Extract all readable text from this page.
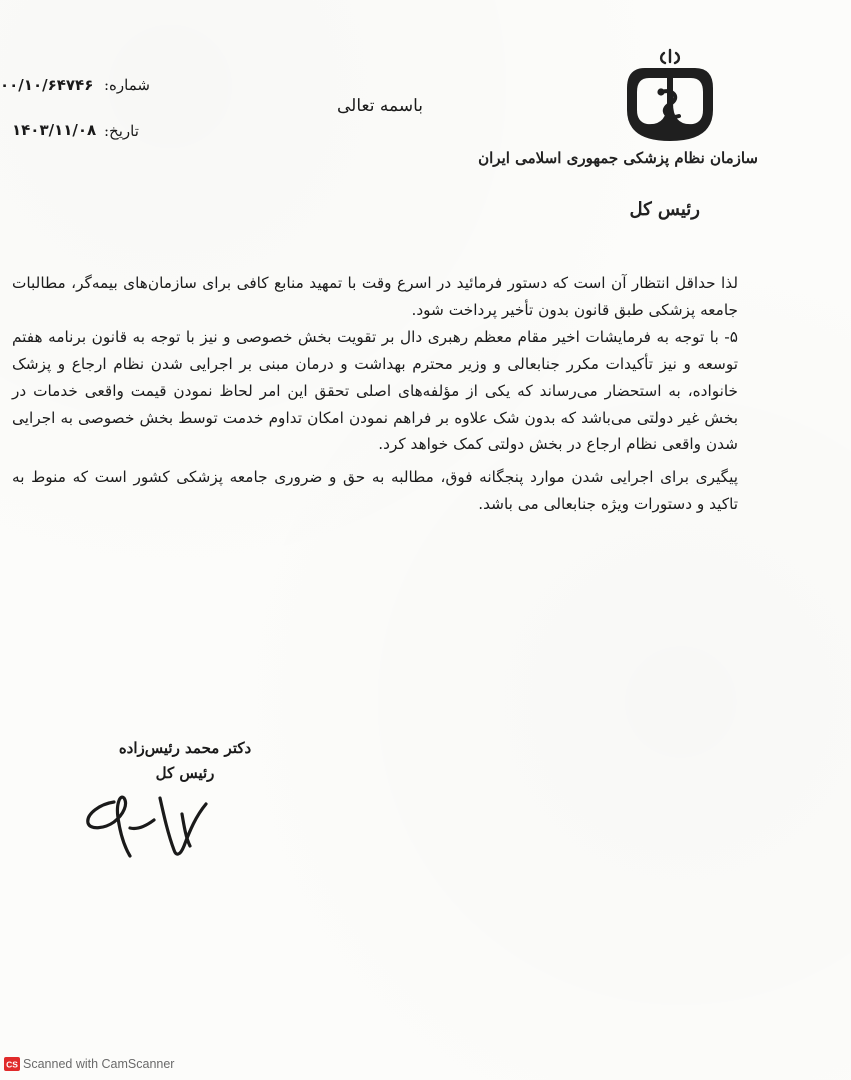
سازمان نظام پزشکی جمهوری اسلامی ایران
رئیس کل
باسمه تعالی
۰۰/۱۰/۶۴۷۴۶ شماره:
۱۴۰۳/۱۱/۰۸ تاریخ:

لذا حداقل انتظار آن است که دستور فرمائید در اسرع وقت با تمهید منابع کافی برای سازمان‌های بیمه‌گر، مطالبات جامعه پزشکی طبق قانون بدون تأخیر پرداخت شود.

۵- با توجه به فرمایشات اخیر مقام معظم رهبری دال بر تقویت بخش خصوصی و نیز با توجه به قانون برنامه هفتم توسعه و نیز تأکیدات مکرر جنابعالی و وزیر محترم بهداشت و درمان مبنی بر اجرایی شدن نظام ارجاع و پزشک خانواده، به استحضار می‌رساند که یکی از مؤلفه‌های اصلی تحقق این امر لحاظ نمودن قیمت واقعی خدمات در بخش غیر دولتی می‌باشد که بدون شک علاوه بر فراهم نمودن امکان تداوم خدمت توسط بخش خصوصی به اجرایی شدن واقعی نظام ارجاع در بخش دولتی کمک خواهد کرد.

پیگیری برای اجرایی شدن موارد پنجگانه فوق، مطالبه به حق و ضروری جامعه پزشکی کشور است که منوط به تاکید و دستورات ویژه جنابعالی می باشد.

دکتر محمد رئیس‌زاده
رئیس کل
CS Scanned with CamScanner
